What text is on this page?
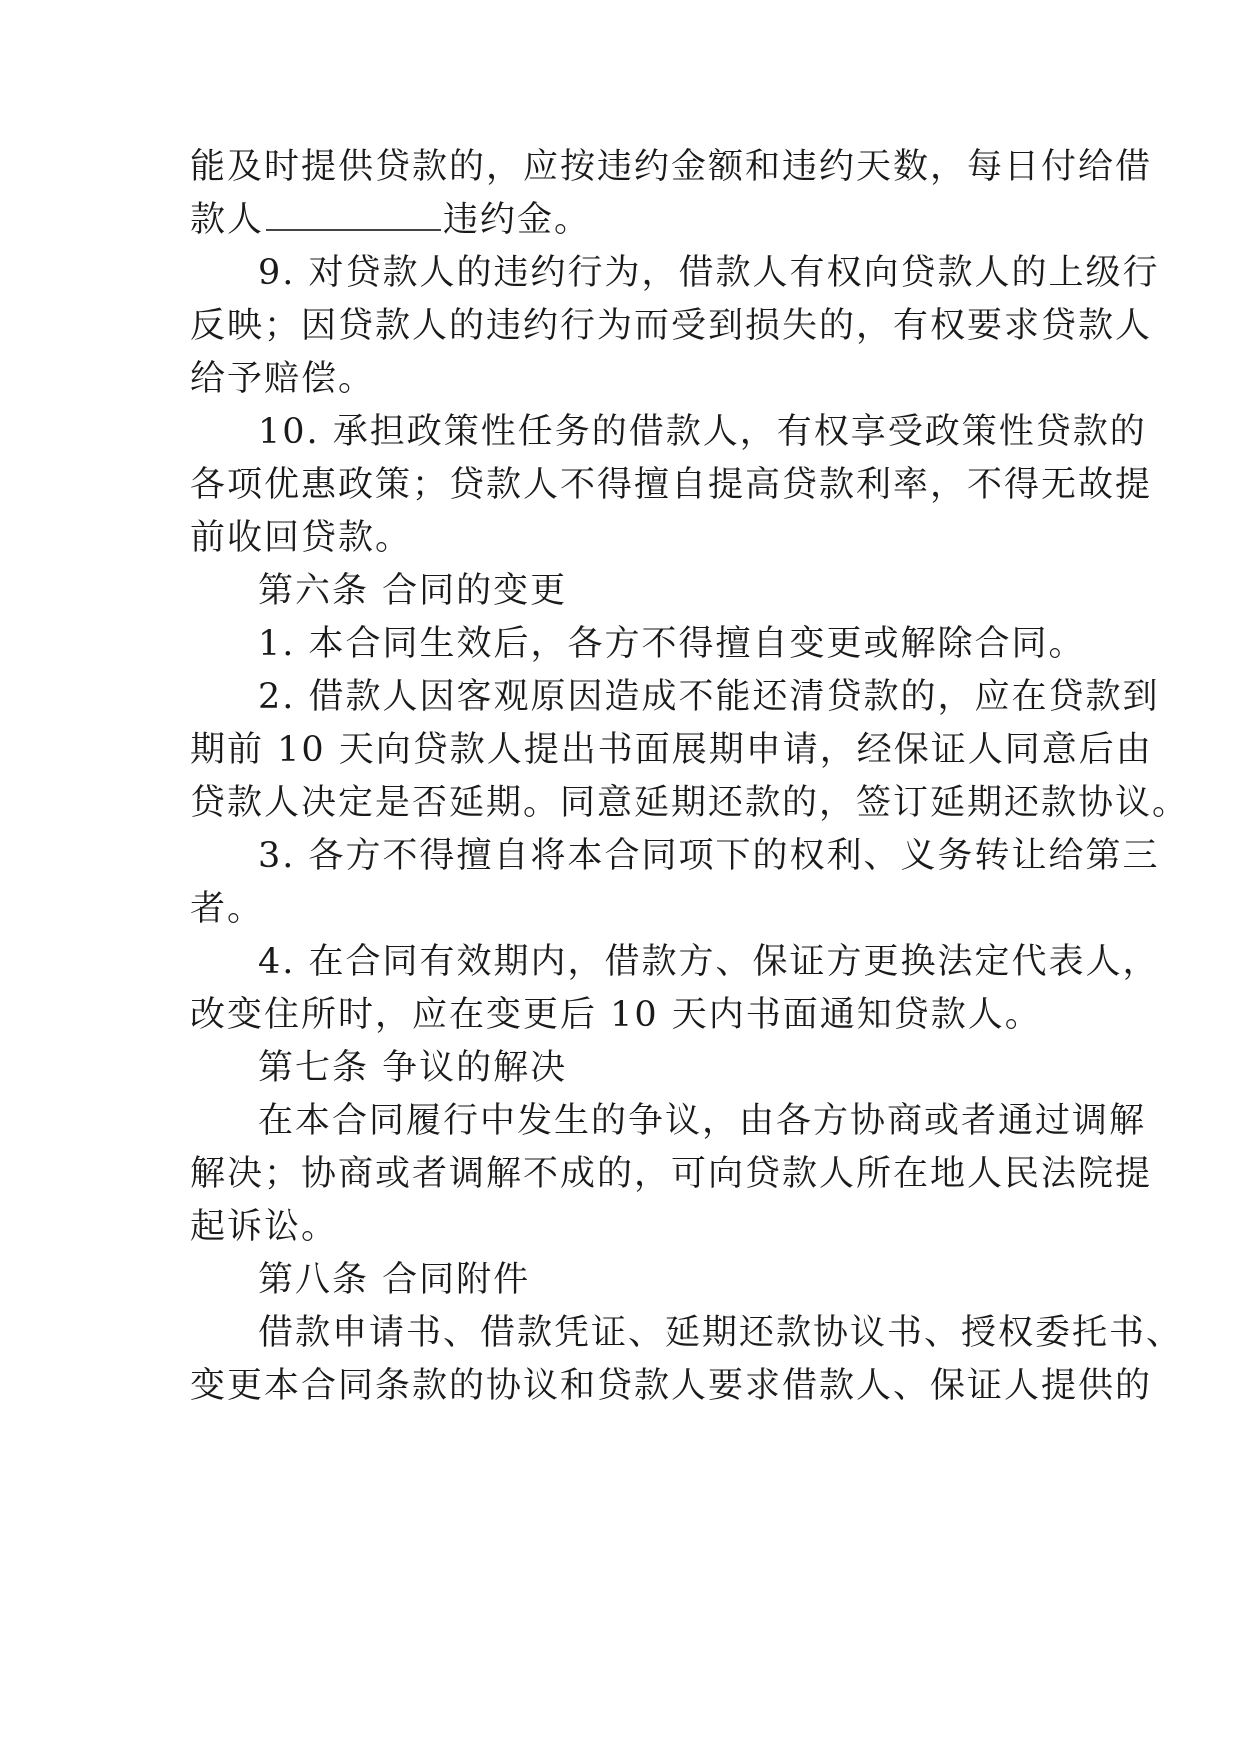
能及时提供贷款的，应按违约金额和违约天数，每日付给借
款人	违约金。
9. 对贷款人的违约行为，借款人有权向贷款人的上级行
反映；因贷款人的违约行为而受到损失的，有权要求贷款人
给予赔偿。
10. 承担政策性任务的借款人，有权享受政策性贷款的
各项优惠政策；贷款人不得擅自提高贷款利率，不得无故提
前收回贷款。
第六条 合同的变更
1. 本合同生效后，各方不得擅自变更或解除合同。
2. 借款人因客观原因造成不能还清贷款的，应在贷款到
期前 10 天向贷款人提出书面展期申请，经保证人同意后由
贷款人决定是否延期。同意延期还款的，签订延期还款协议。
3. 各方不得擅自将本合同项下的权利、义务转让给第三
者。
4. 在合同有效期内，借款方、保证方更换法定代表人，
改变住所时，应在变更后 10 天内书面通知贷款人。
第七条 争议的解决
在本合同履行中发生的争议，由各方协商或者通过调解
解决；协商或者调解不成的，可向贷款人所在地人民法院提
起诉讼。
第八条 合同附件
借款申请书、借款凭证、延期还款协议书、授权委托书、
变更本合同条款的协议和贷款人要求借款人、保证人提供的
